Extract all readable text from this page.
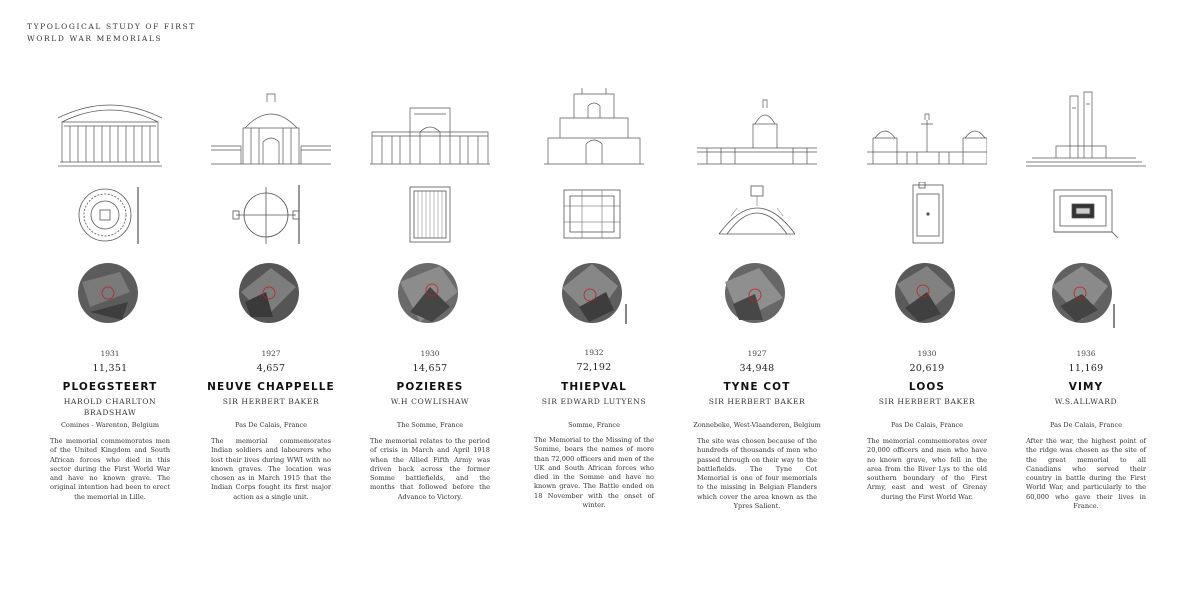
TYPOLOGICAL STUDY OF FIRST
WORLD WAR MEMORIALS
1931
11,351
PLOEGSTEERT
HAROLD CHARLTON BRADSHAW
Comines - Warenton, Belgium
The memorial commemorates men of the United Kingdom and South African forces who died in this sector during the First World War and have no known grave. The original intention had been to erect the memorial in Lille.
1927
4,657
NEUVE CHAPPELLE
SIR HERBERT BAKER
Pas De Calais, France
The memorial commemorates Indian soldiers and labourers who lost their lives during WWI with no known graves. The location was chosen as in March 1915 that the Indian Corps fought its first major action as a single unit.
1930
14,657
POZIERES
W.H COWLISHAW
The Somme, France
The memorial relates to the period of crisis in March and April 1918 when the Allied Fifth Army was driven back across the former Somme battlefields, and the months that followed before the Advance to Victory.
1932
72,192
THIEPVAL
SIR EDWARD LUTYENS
Somme, France
The Memorial to the Missing of the Somme, bears the names of more than 72,000 officers and men of the UK and South African forces who died in the Somme and have no known grave. The Battle ended on 18 November with the onset of winter.
1927
34,948
TYNE COT
SIR HERBERT BAKER
Zonnebeke, West-Vlaanderen, Belgium
The site was chosen because of the hundreds of thousands of men who passed through on their way to the battlefields. The Tyne Cot Memorial is one of four memorials to the missing in Belgian Flanders which cover the area known as the Ypres Salient.
1930
20,619
LOOS
SIR HERBERT BAKER
Pas De Calais, France
The memorial commemorates over 20,000 officers and men who have no known grave, who fell in the area from the River Lys to the old southern boundary of the First Army, east and west of Grenay during the First World War.
1936
11,169
VIMY
W.S.ALLWARD
Pas De Calais, France
After the war, the highest point of the ridge was chosen as the site of the great memorial to all Canadians who served their country in battle during the First World War, and particularly to the 60,000 who gave their lives in France.
